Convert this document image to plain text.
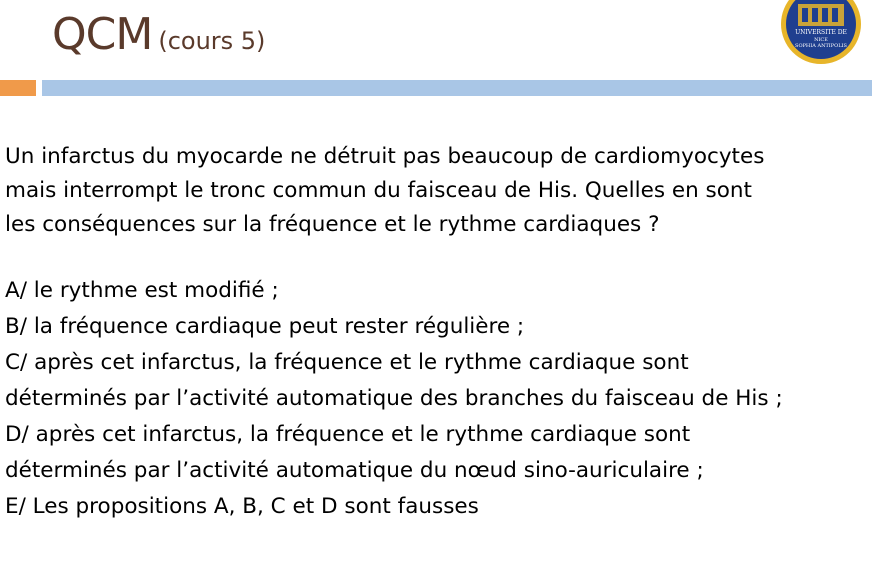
QCM (cours 5)	UNIVERSITE DE
NICE
SOPHIA ANTIPOLIS

Un infarctus du myocarde ne détruit pas beaucoup de cardiomyocytes

mais interrompt le tronc commun du faisceau de His. Quelles en sont

les conséquences sur la fréquence et le rythme cardiaques ?

A/ le rythme est modifié ;

B/ la fréquence cardiaque peut rester régulière ;

C/ après cet infarctus, la fréquence et le rythme cardiaque sont

déterminés par l’activité automatique des branches du faisceau de His ;

D/ après cet infarctus, la fréquence et le rythme cardiaque sont

déterminés par l’activité automatique du nœud sino-auriculaire ;

E/ Les propositions A, B, C et D sont fausses
